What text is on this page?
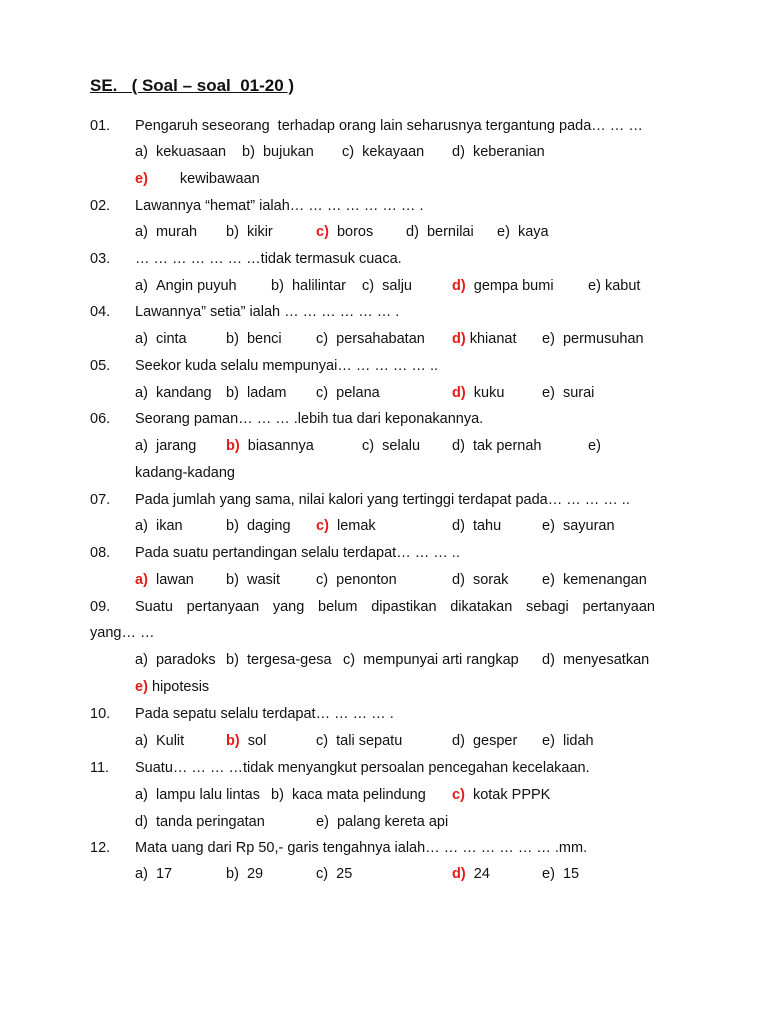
SE.   ( Soal – soal  01-20 )
01. Pengaruh seseorang  terhadap orang lain seharusnya tergantung pada… … …
a) kekuasaan b) bujukan c) kekayaan d) keberanian
e) kewibawaan
02. Lawannya “hemat” ialah… … … … … … … .
a) murah b) kikir	c) boros d) bernilai e) kaya
03. … … … … … … …tidak termasuk cuaca.
a) Angin puyuh b) halilintar c) salju	d) gempa bumi e) kabut
04. Lawannya” setia” ialah … … … … … … .
a) cinta	b) benci c) persahabatan d) khianat e) permusuhan
05. Seekor kuda selalu mempunyai… … … … … ..
a) kandang b) ladam c) pelana	d) kuku	e) surai
06. Seorang paman… … … .lebih tua dari keponakannya.
a) jarang b) biasannya	c) selalu d) tak pernah	e)
kadang-kadang
07. Pada jumlah yang sama, nilai kalori yang tertinggi terdapat pada… … … … ..
a) ikan	b) daging c) lemak	d) tahu	e) sayuran
08. Pada suatu pertandingan selalu terdapat… … … ..
a) lawan b) wasit c) penonton	d) sorak e) kemenangan
09. Suatu pertanyaan yang belum dipastikan dikatakan sebagi pertanyaan
yang… …
a) paradoks b) tergesa-gesa c) mempunyai arti rangkap d) menyesatkan
e) hipotesis
10. Pada sepatu selalu terdapat… … … … .
a) Kulit	b) sol	c) tali sepatu	d) gesper e) lidah
11. Suatu… … … …tidak menyangkut persoalan pencegahan kecelakaan.
a) lampu lalu lintas b) kaca mata pelindung c) kotak PPPK
d) tanda peringatan	e) palang kereta api
12. Mata uang dari Rp 50,- garis tengahnya ialah… … … … … … … .mm.
a) 17	b) 29	c) 25	d) 24	e) 15
